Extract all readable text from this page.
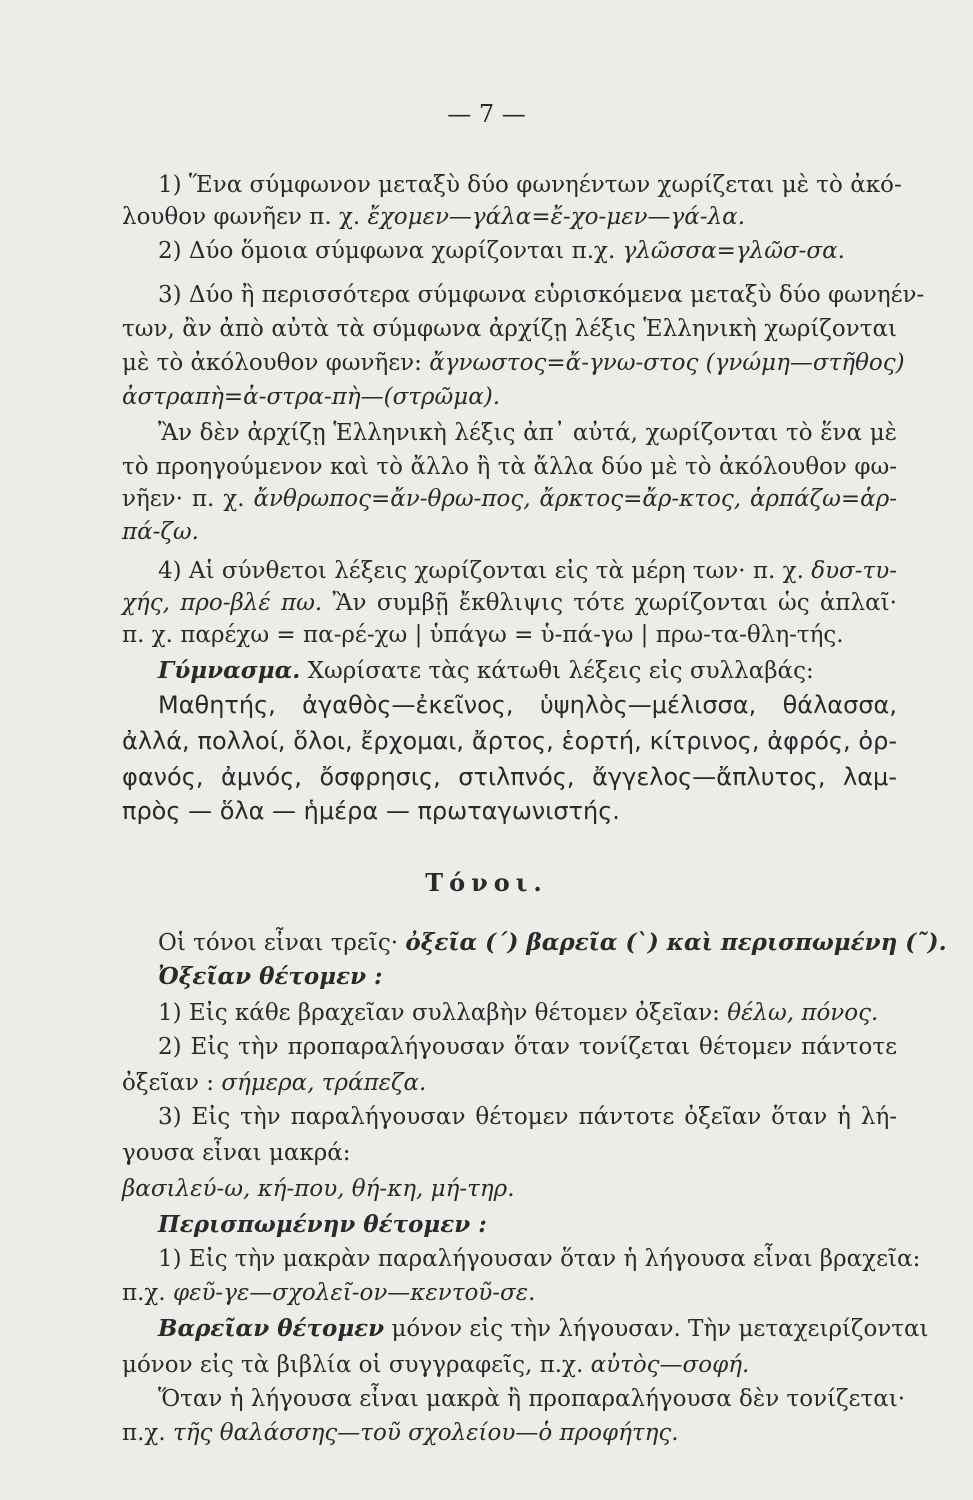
— 7 —
1) Ἕνα σύμφωνον μεταξὺ δύο φωνηέντων χωρίζεται μὲ τὸ ἀκό-
λουθον φωνῆεν π. χ. ἔχομεν—γάλα=ἔ-χο-μεν—γά-λα.
2) Δύο ὅμοια σύμφωνα χωρίζονται π.χ. γλῶσσα=γλῶσ-σα.
3) Δύο ἢ περισσότερα σύμφωνα εὑρισκόμενα μεταξὺ δύο φωνηέν-
των, ἂν ἀπὸ αὐτὰ τὰ σύμφωνα ἀρχίζῃ λέξις Ἑλληνικὴ χωρίζονται
μὲ τὸ ἀκόλουθον φωνῆεν: ἄγνωστος=ἄ-γνω-στος (γνώμη—στῆθος)
ἀστραπὴ=ἀ-στρα-πὴ—(στρῶμα).
Ἂν δὲν ἀρχίζῃ Ἑλληνικὴ λέξις ἀπ᾽ αὐτά, χωρίζονται τὸ ἕνα μὲ
τὸ προηγούμενον καὶ τὸ ἄλλο ἢ τὰ ἄλλα δύο μὲ τὸ ἀκόλουθον φω-
νῆεν· π. χ. ἄνθρωπος=ἄν-θρω-πος, ἄρκτος=ἄρ-κτος, ἁρπάζω=ἁρ-
πά-ζω.
4) Αἱ σύνθετοι λέξεις χωρίζονται εἰς τὰ μέρη των· π. χ. δυσ-τυ-
χής, προ-βλέ πω. Ἂν συμβῇ ἔκθλιψις τότε χωρίζονται ὡς ἁπλαῖ·
π. χ. παρέχω = πα-ρέ-χω | ὑπάγω = ὑ-πά-γω | πρω-τα-θλη-τής.
Γύμνασμα. Χωρίσατε τὰς κάτωθι λέξεις εἰς συλλαβάς:
Μαθητής, ἀγαθὸς—ἐκεῖνος, ὑψηλὸς—μέλισσα, θάλασσα,
ἀλλά, πολλοί, ὅλοι, ἔρχομαι, ἄρτος, ἑορτή, κίτρινος, ἀφρός, ὀρ-
φανός, ἀμνός, ὄσφρησις, στιλπνός, ἄγγελος—ἄπλυτος, λαμ-
πρὸς — ὅλα — ἡμέρα — πρωταγωνιστής.
Τόνοι.
Οἱ τόνοι εἶναι τρεῖς· ὀξεῖα (´) βαρεῖα (`) καὶ περισπωμένη (῀).
Ὀξεῖαν θέτομεν :
1) Εἰς κάθε βραχεῖαν συλλαβὴν θέτομεν ὀξεῖαν: θέλω, πόνος.
2) Εἰς τὴν προπαραλήγουσαν ὅταν τονίζεται θέτομεν πάντοτε
ὀξεῖαν : σήμερα, τράπεζα.
3) Εἰς τὴν παραλήγουσαν θέτομεν πάντοτε ὀξεῖαν ὅταν ἡ λή-
γουσα εἶναι μακρά:
βασιλεύ-ω, κή-που, θή-κη, μή-τηρ.
Περισπωμένην θέτομεν :
1) Εἰς τὴν μακρὰν παραλήγουσαν ὅταν ἡ λήγουσα εἶναι βραχεῖα:
π.χ. φεῦ-γε—σχολεῖ-ον—κεντοῦ-σε.
Βαρεῖαν θέτομεν μόνον εἰς τὴν λήγουσαν. Τὴν μεταχειρίζονται
μόνον εἰς τὰ βιβλία οἱ συγγραφεῖς, π.χ. αὐτὸς—σοφή.
Ὅταν ἡ λήγουσα εἶναι μακρὰ ἢ προπαραλήγουσα δὲν τονίζεται·
π.χ. τῆς θαλάσσης—τοῦ σχολείου—ὁ προφήτης.
